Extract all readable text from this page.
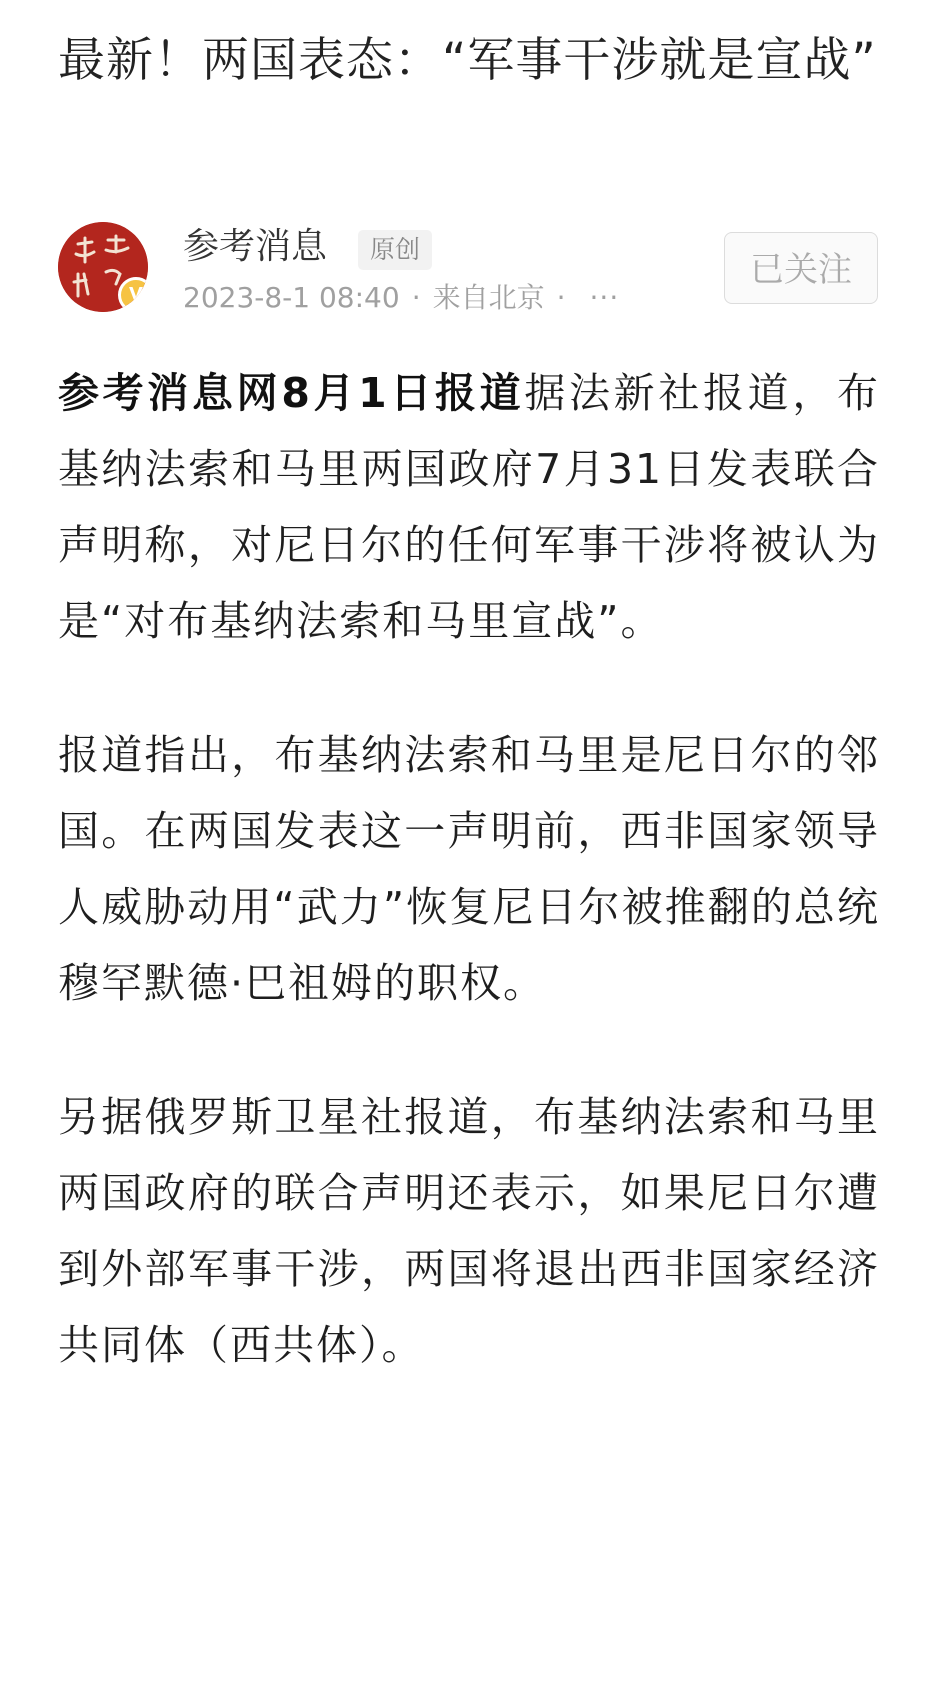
最新！两国表态：“军事干涉就是宣战”
V
参考消息	原创
2023-8-1 08:40 · 来自北京 · ···
已关注

参考消息网8月1日报道据法新社报道，布基纳法索和马里两国政府7月31日发表联合声明称，对尼日尔的任何军事干涉将被认为是“对布基纳法索和马里宣战”。

报道指出，布基纳法索和马里是尼日尔的邻国。在两国发表这一声明前，西非国家领导人威胁动用“武力”恢复尼日尔被推翻的总统穆罕默德·巴祖姆的职权。

另据俄罗斯卫星社报道，布基纳法索和马里两国政府的联合声明还表示，如果尼日尔遭到外部军事干涉，两国将退出西非国家经济共同体（西共体）。
